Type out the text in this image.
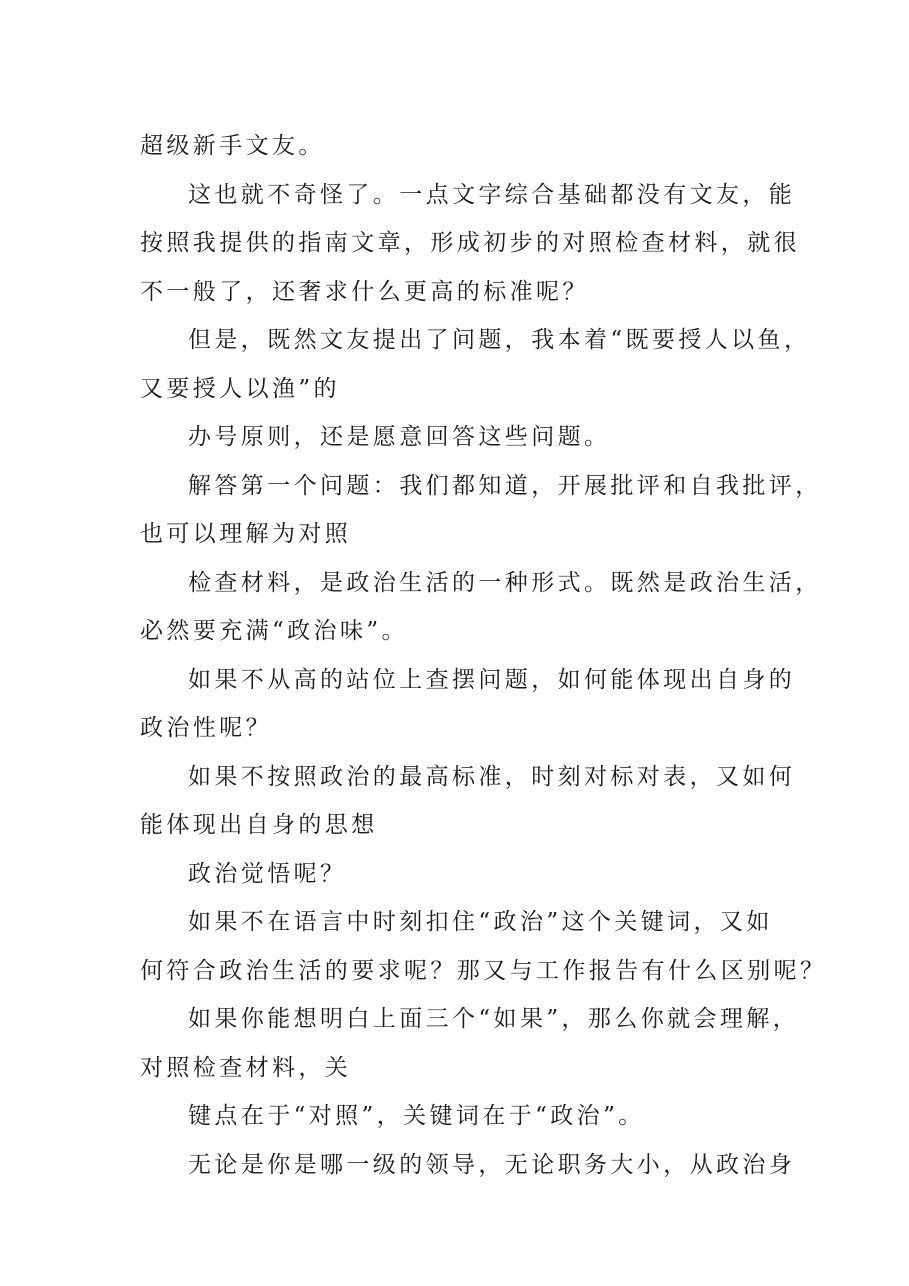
超级新手文友。
这也就不奇怪了。一点文字综合基础都没有文友，能
按照我提供的指南文章，形成初步的对照检查材料，就很
不一般了，还奢求什么更高的标准呢？
但是，既然文友提出了问题，我本着“既要授人以鱼，
又要授人以渔”的
办号原则，还是愿意回答这些问题。
解答第一个问题：我们都知道，开展批评和自我批评，
也可以理解为对照
检查材料，是政治生活的一种形式。既然是政治生活，
必然要充满“政治味”。
如果不从高的站位上查摆问题，如何能体现出自身的
政治性呢？
如果不按照政治的最高标准，时刻对标对表，又如何
能体现出自身的思想
政治觉悟呢？
如果不在语言中时刻扣住“政治”这个关键词，又如
何符合政治生活的要求呢？那又与工作报告有什么区别呢？
如果你能想明白上面三个“如果”，那么你就会理解，
对照检查材料，关
键点在于“对照”，关键词在于“政治”。
无论是你是哪一级的领导，无论职务大小，从政治身
